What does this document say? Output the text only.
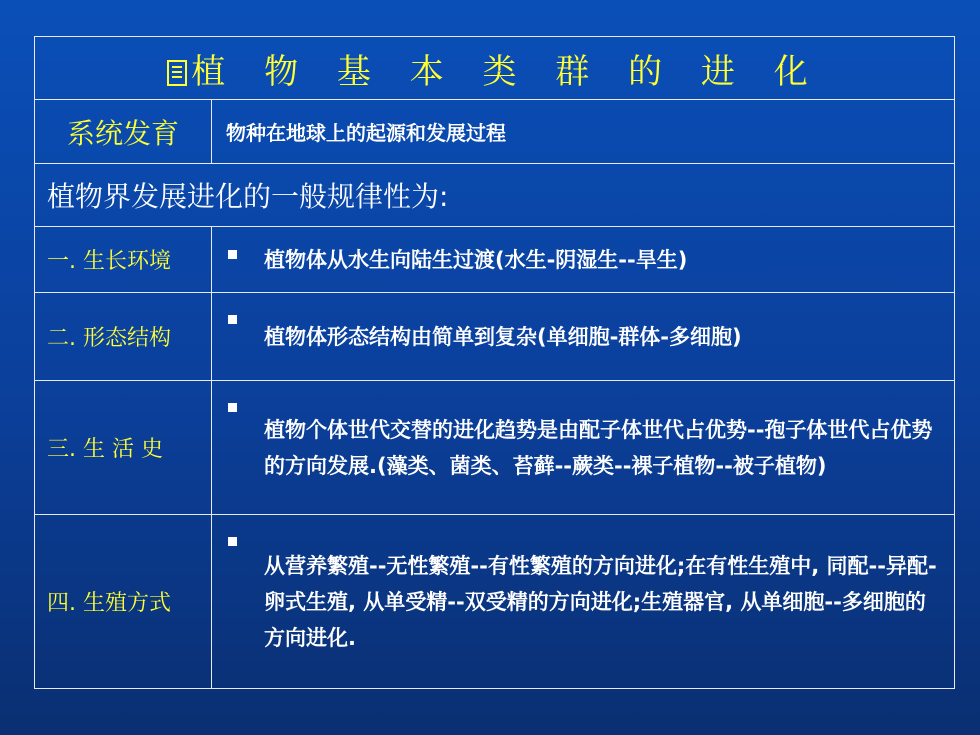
植 物 基 本 类 群 的 进 化	
系统发育	物种在地球上的起源和发展过程
植物界发展进化的一般规律性为:	
一. 生长环境	植物体从水生向陆生过渡(水生-阴湿生--旱生)
二. 形态结构	植物体形态结构由简单到复杂(单细胞-群体-多细胞)
三. 生 活 史	植物个体世代交替的进化趋势是由配子体世代占优势--孢子体世代占优势的方向发展.(藻类、菌类、苔藓--蕨类--裸子植物--被子植物)
四. 生殖方式	从营养繁殖--无性繁殖--有性繁殖的方向进化;在有性生殖中, 同配--异配-卵式生殖, 从单受精--双受精的方向进化;生殖器官, 从单细胞--多细胞的方向进化.
